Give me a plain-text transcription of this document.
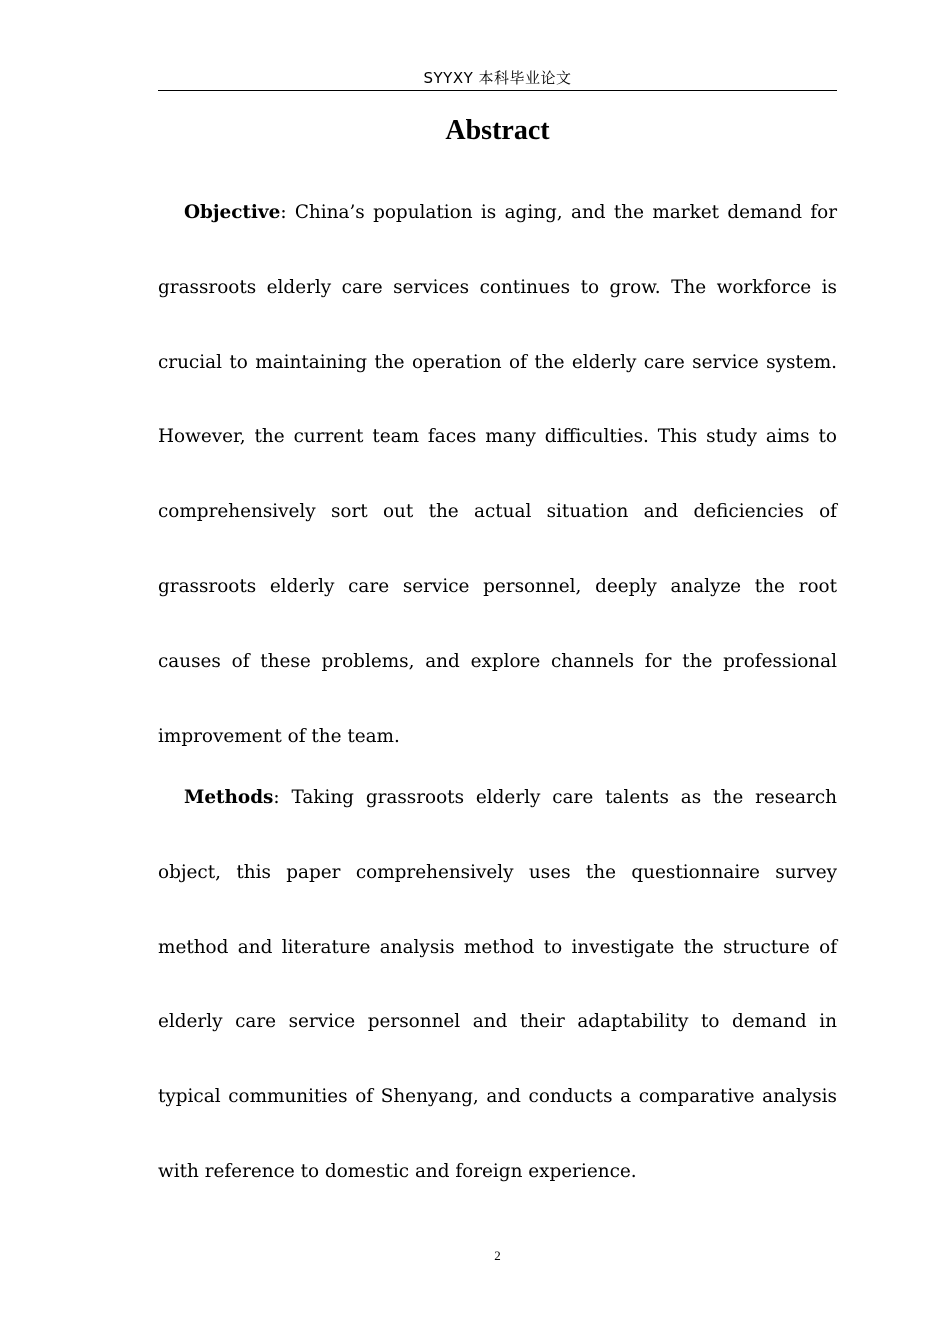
SYYXY 本科毕业论文
Abstract

Objective: China’s population is aging, and the market demand for grassroots elderly care services continues to grow. The workforce is crucial to maintaining the operation of the elderly care service system. However, the current team faces many difficulties. This study aims to comprehensively sort out the actual situation and deficiencies of grassroots elderly care service personnel, deeply analyze the root causes of these problems, and explore channels for the professional improvement of the team.

Methods: Taking grassroots elderly care talents as the research object, this paper comprehensively uses the questionnaire survey method and literature analysis method to investigate the structure of elderly care service personnel and their adaptability to demand in typical communities of Shenyang, and conducts a comparative analysis with reference to domestic and foreign experience.

2
